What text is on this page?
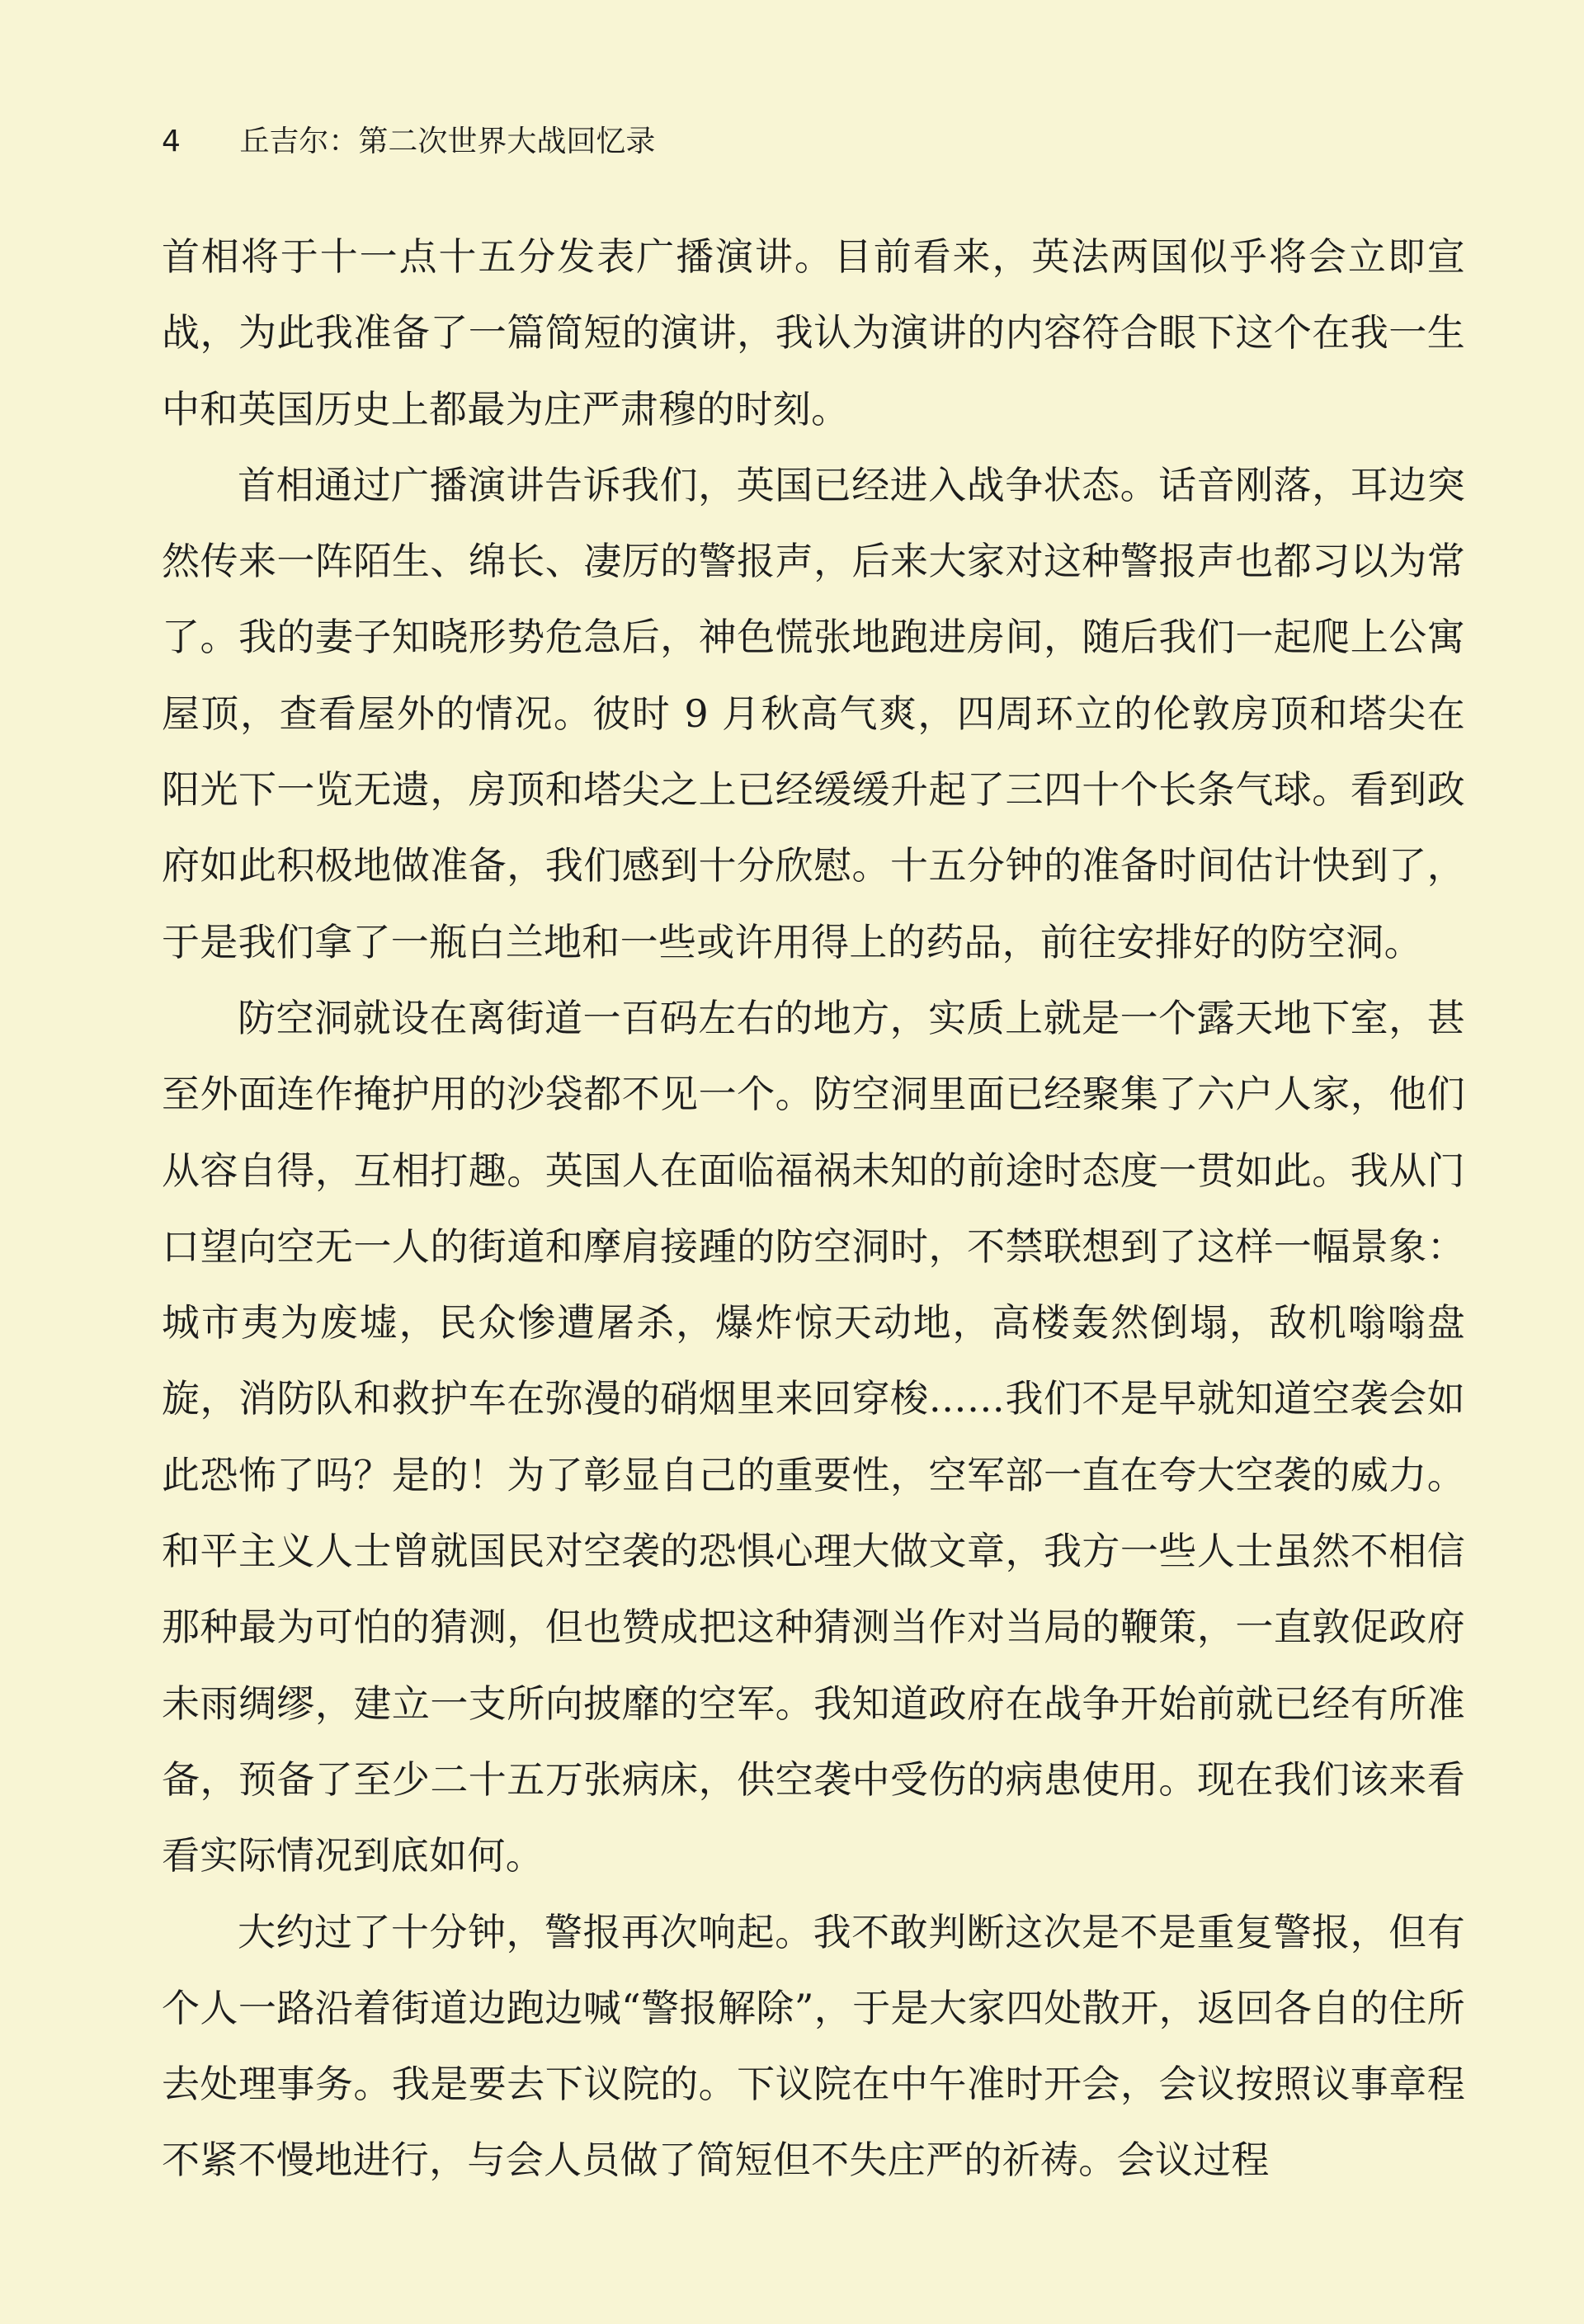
4 丘吉尔：第二次世界大战回忆录

首相将于十一点十五分发表广播演讲。目前看来，英法两国似乎将会立即宣战，为此我准备了一篇简短的演讲，我认为演讲的内容符合眼下这个在我一生中和英国历史上都最为庄严肃穆的时刻。

首相通过广播演讲告诉我们，英国已经进入战争状态。话音刚落，耳边突然传来一阵陌生、绵长、凄厉的警报声，后来大家对这种警报声也都习以为常了。我的妻子知晓形势危急后，神色慌张地跑进房间，随后我们一起爬上公寓屋顶，查看屋外的情况。彼时 9 月秋高气爽，四周环立的伦敦房顶和塔尖在阳光下一览无遗，房顶和塔尖之上已经缓缓升起了三四十个长条气球。看到政府如此积极地做准备，我们感到十分欣慰。十五分钟的准备时间估计快到了，于是我们拿了一瓶白兰地和一些或许用得上的药品，前往安排好的防空洞。

防空洞就设在离街道一百码左右的地方，实质上就是一个露天地下室，甚至外面连作掩护用的沙袋都不见一个。防空洞里面已经聚集了六户人家，他们从容自得，互相打趣。英国人在面临福祸未知的前途时态度一贯如此。我从门口望向空无一人的街道和摩肩接踵的防空洞时，不禁联想到了这样一幅景象：城市夷为废墟，民众惨遭屠杀，爆炸惊天动地，高楼轰然倒塌，敌机嗡嗡盘旋，消防队和救护车在弥漫的硝烟里来回穿梭……我们不是早就知道空袭会如此恐怖了吗？是的！为了彰显自己的重要性，空军部一直在夸大空袭的威力。和平主义人士曾就国民对空袭的恐惧心理大做文章，我方一些人士虽然不相信那种最为可怕的猜测，但也赞成把这种猜测当作对当局的鞭策，一直敦促政府未雨绸缪，建立一支所向披靡的空军。我知道政府在战争开始前就已经有所准备，预备了至少二十五万张病床，供空袭中受伤的病患使用。现在我们该来看看实际情况到底如何。

大约过了十分钟，警报再次响起。我不敢判断这次是不是重复警报，但有个人一路沿着街道边跑边喊“警报解除”，于是大家四处散开，返回各自的住所去处理事务。我是要去下议院的。下议院在中午准时开会，会议按照议事章程不紧不慢地进行，与会人员做了简短但不失庄严的祈祷。会议过程
